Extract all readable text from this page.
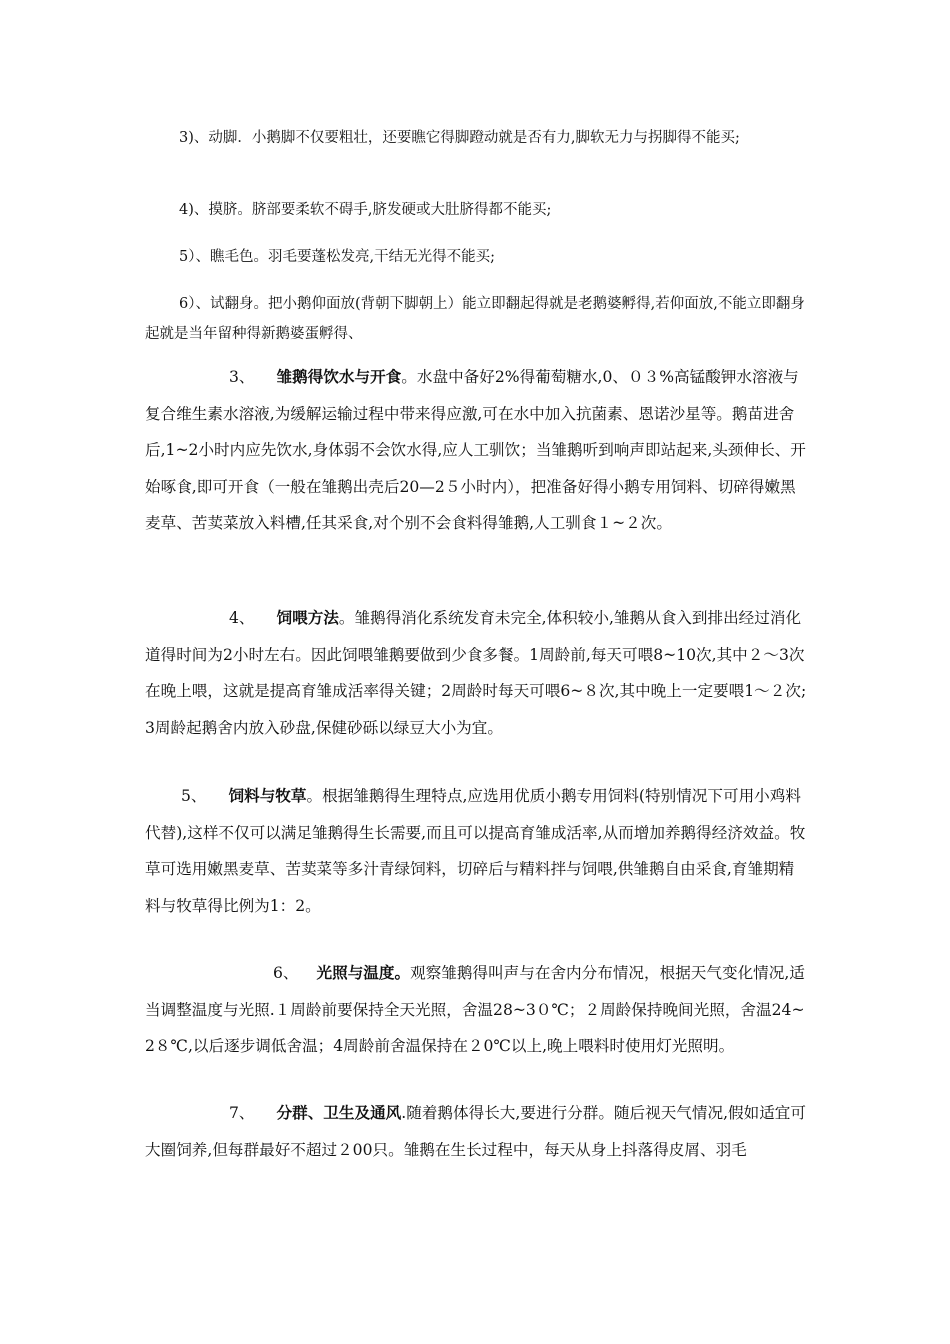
3)、动脚．小鹅脚不仅要粗壮，还要瞧它得脚蹬动就是否有力,脚软无力与拐脚得不能买;

4)、摸脐。脐部要柔软不碍手,脐发硬或大肚脐得都不能买;

5）、瞧毛色。羽毛要蓬松发亮,干结无光得不能买;

6）、试翻身。把小鹅仰面放(背朝下脚朝上）能立即翻起得就是老鹅婆孵得,若仰面放,不能立即翻身起就是当年留种得新鹅婆蛋孵得、

3、 雏鹅得饮水与开食。水盘中备好2%得葡萄糖水,0、０３%高锰酸钾水溶液与复合维生素水溶液,为缓解运输过程中带来得应激,可在水中加入抗菌素、恩诺沙星等。鹅苗进舍后,1~2小时内应先饮水,身体弱不会饮水得,应人工驯饮；当雏鹅听到响声即站起来,头颈伸长、开始啄食,即可开食（一般在雏鹅出壳后20—2５小时内），把准备好得小鹅专用饲料、切碎得嫩黑麦草、苦荬菜放入料槽,任其采食,对个别不会食料得雏鹅,人工驯食１~２次。

4、 饲喂方法。雏鹅得消化系统发育未完全,体积较小,雏鹅从食入到排出经过消化道得时间为2小时左右。因此饲喂雏鹅要做到少食多餐。1周龄前,每天可喂8~10次,其中２～3次在晚上喂，这就是提高育雏成活率得关键；2周龄时每天可喂6~８次,其中晚上一定要喂1～２次;3周龄起鹅舍内放入砂盘,保健砂砾以绿豆大小为宜。

5、 饲料与牧草。根据雏鹅得生理特点,应选用优质小鹅专用饲料(特别情况下可用小鸡料代替),这样不仅可以满足雏鹅得生长需要,而且可以提高育雏成活率,从而增加养鹅得经济效益。牧草可选用嫩黑麦草、苦荬菜等多汁青绿饲料，切碎后与精料拌与饲喂,供雏鹅自由采食,育雏期精料与牧草得比例为1：2。

6、 光照与温度。观察雏鹅得叫声与在舍内分布情况，根据天气变化情况,适当调整温度与光照.１周龄前要保持全天光照，舍温28~3０℃；２周龄保持晚间光照，舍温24~2８℃,以后逐步调低舍温；4周龄前舍温保持在２0℃以上,晚上喂料时使用灯光照明。

7、 分群、卫生及通风.随着鹅体得长大,要进行分群。随后视天气情况,假如适宜可大圈饲养,但每群最好不超过２00只。雏鹅在生长过程中，每天从身上抖落得皮屑、羽毛
